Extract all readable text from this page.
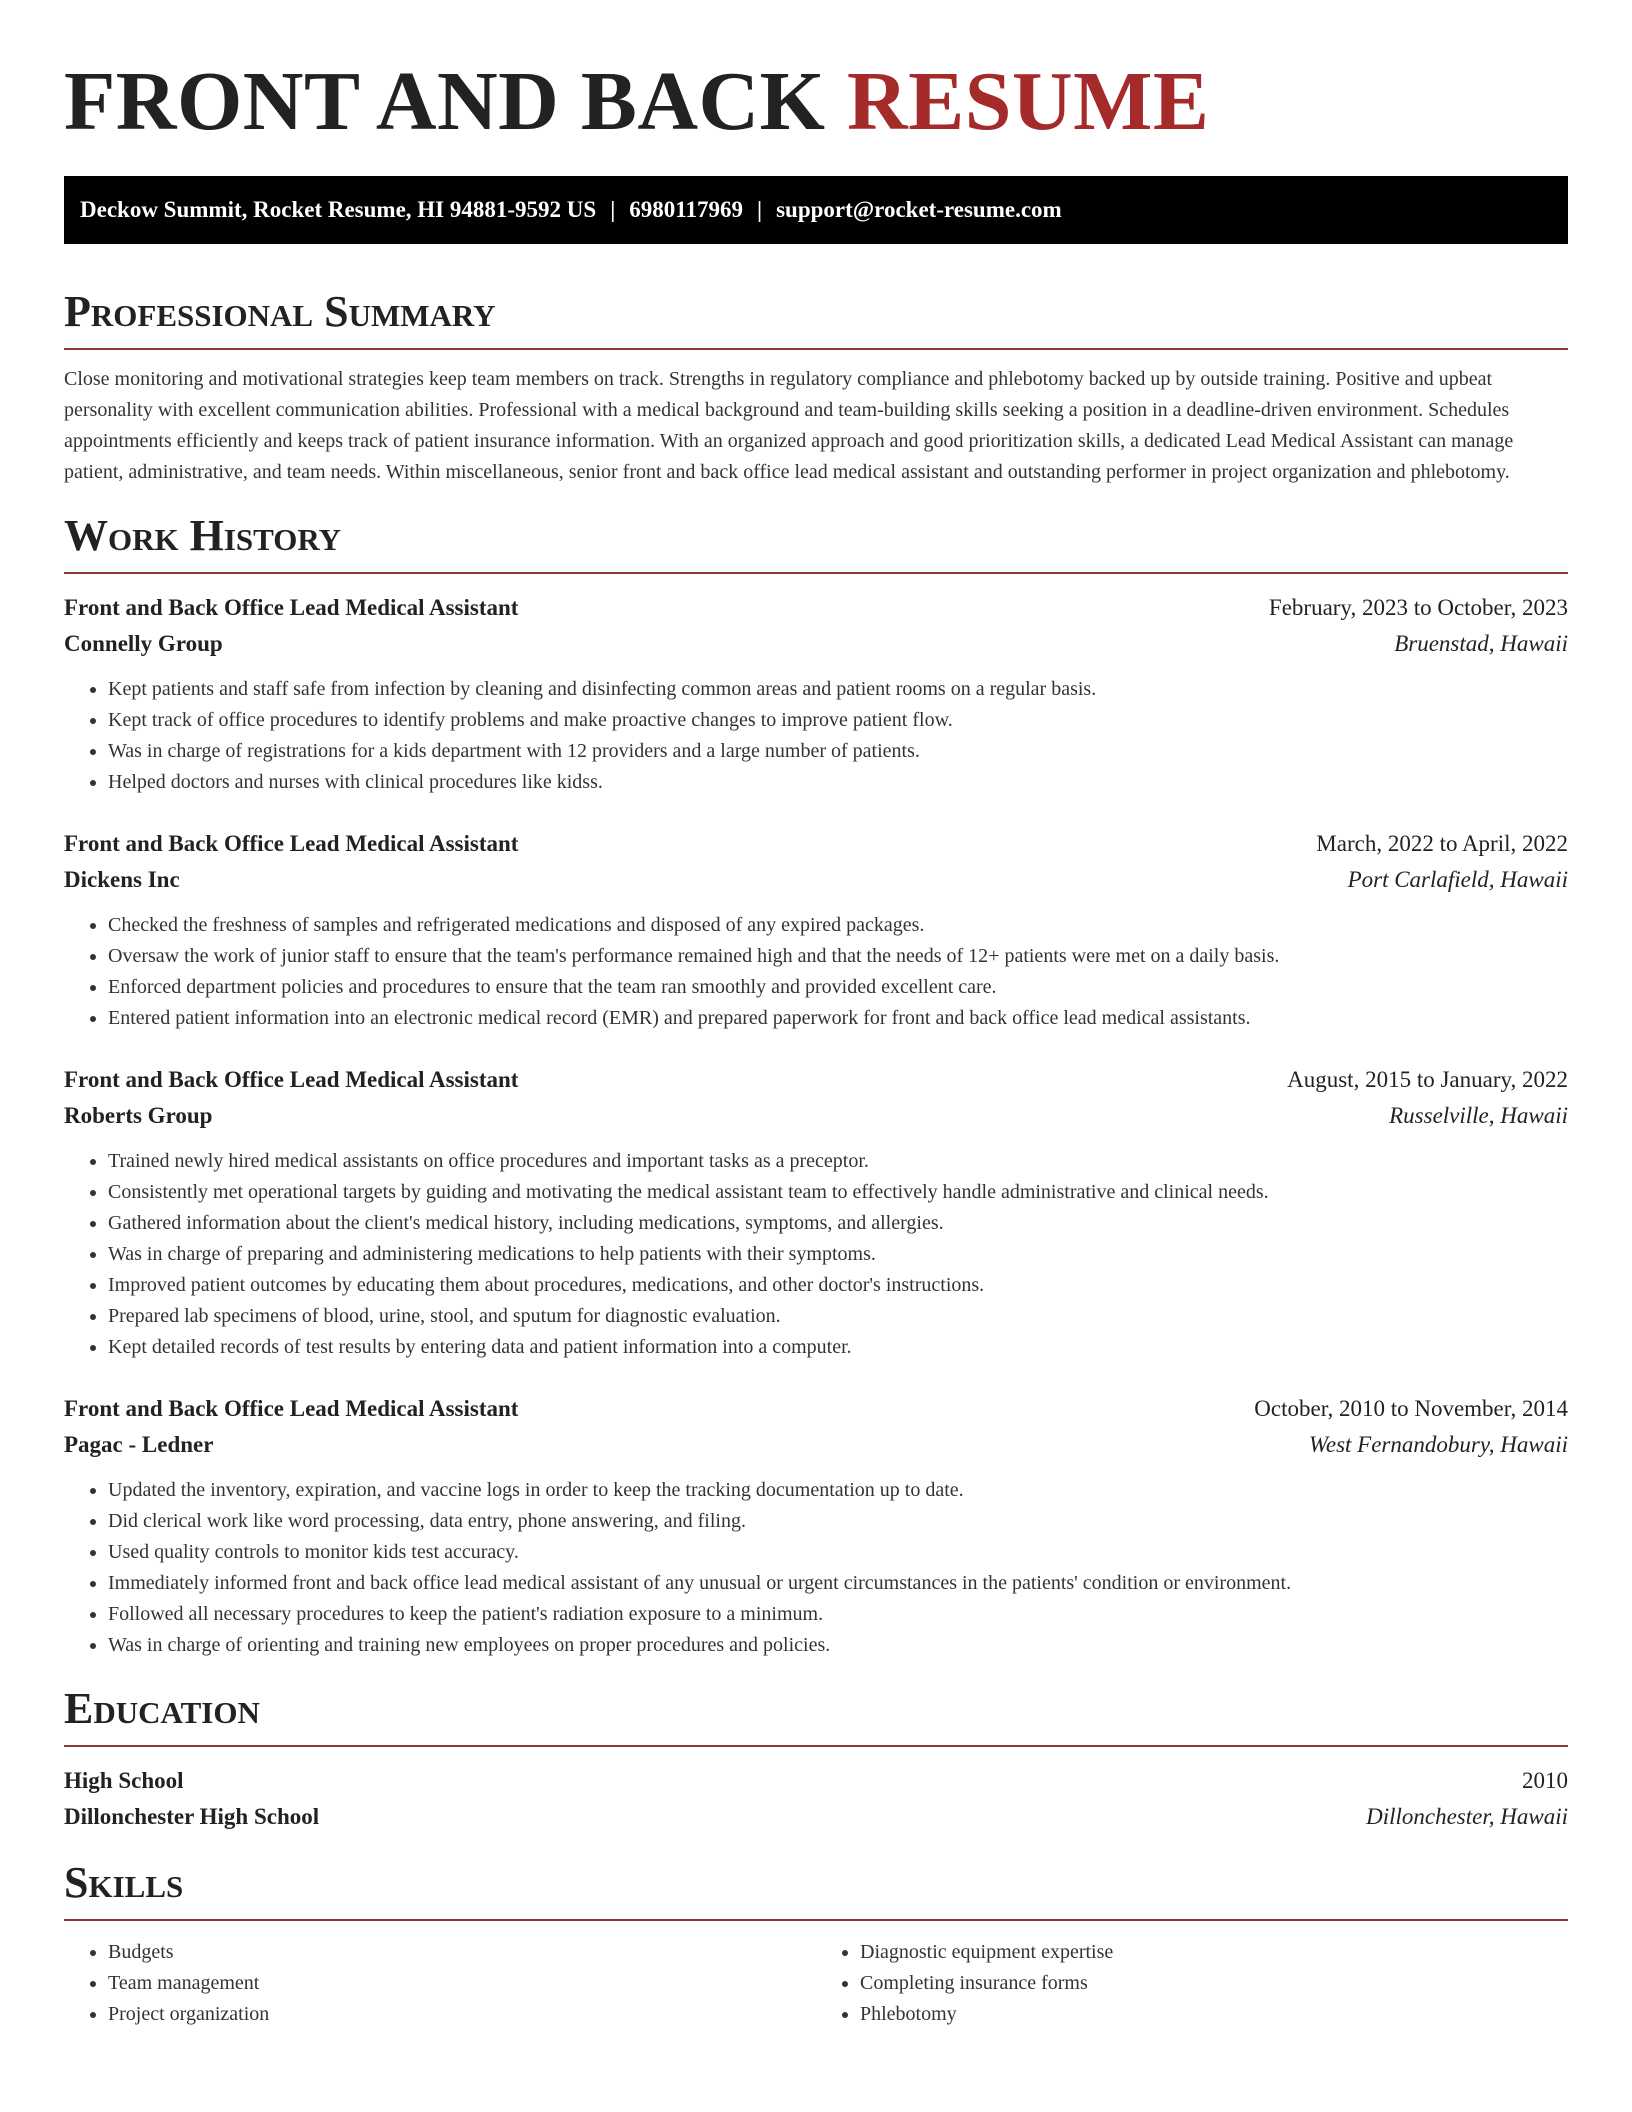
FRONT AND BACK RESUME
Deckow Summit, Rocket Resume, HI 94881-9592 US | 6980117969 | support@rocket-resume.com
Professional Summary
Close monitoring and motivational strategies keep team members on track. Strengths in regulatory compliance and phlebotomy backed up by outside training. Positive and upbeat personality with excellent communication abilities. Professional with a medical background and team-building skills seeking a position in a deadline-driven environment. Schedules appointments efficiently and keeps track of patient insurance information. With an organized approach and good prioritization skills, a dedicated Lead Medical Assistant can manage patient, administrative, and team needs. Within miscellaneous, senior front and back office lead medical assistant and outstanding performer in project organization and phlebotomy.
Work History
Front and Back Office Lead Medical Assistant	February, 2023 to October, 2023
Connelly Group	Bruenstad, Hawaii
• Kept patients and staff safe from infection by cleaning and disinfecting common areas and patient rooms on a regular basis.
• Kept track of office procedures to identify problems and make proactive changes to improve patient flow.
• Was in charge of registrations for a kids department with 12 providers and a large number of patients.
• Helped doctors and nurses with clinical procedures like kidss.
Front and Back Office Lead Medical Assistant	March, 2022 to April, 2022
Dickens Inc	Port Carlafield, Hawaii
• Checked the freshness of samples and refrigerated medications and disposed of any expired packages.
• Oversaw the work of junior staff to ensure that the team's performance remained high and that the needs of 12+ patients were met on a daily basis.
• Enforced department policies and procedures to ensure that the team ran smoothly and provided excellent care.
• Entered patient information into an electronic medical record (EMR) and prepared paperwork for front and back office lead medical assistants.
Front and Back Office Lead Medical Assistant	August, 2015 to January, 2022
Roberts Group	Russelville, Hawaii
• Trained newly hired medical assistants on office procedures and important tasks as a preceptor.
• Consistently met operational targets by guiding and motivating the medical assistant team to effectively handle administrative and clinical needs.
• Gathered information about the client's medical history, including medications, symptoms, and allergies.
• Was in charge of preparing and administering medications to help patients with their symptoms.
• Improved patient outcomes by educating them about procedures, medications, and other doctor's instructions.
• Prepared lab specimens of blood, urine, stool, and sputum for diagnostic evaluation.
• Kept detailed records of test results by entering data and patient information into a computer.
Front and Back Office Lead Medical Assistant	October, 2010 to November, 2014
Pagac - Ledner	West Fernandobury, Hawaii
• Updated the inventory, expiration, and vaccine logs in order to keep the tracking documentation up to date.
• Did clerical work like word processing, data entry, phone answering, and filing.
• Used quality controls to monitor kids test accuracy.
• Immediately informed front and back office lead medical assistant of any unusual or urgent circumstances in the patients' condition or environment.
• Followed all necessary procedures to keep the patient's radiation exposure to a minimum.
• Was in charge of orienting and training new employees on proper procedures and policies.
Education
High School	2010
Dillonchester High School	Dillonchester, Hawaii
Skills
• Budgets
• Team management
• Project organization
• Diagnostic equipment expertise
• Completing insurance forms
• Phlebotomy
